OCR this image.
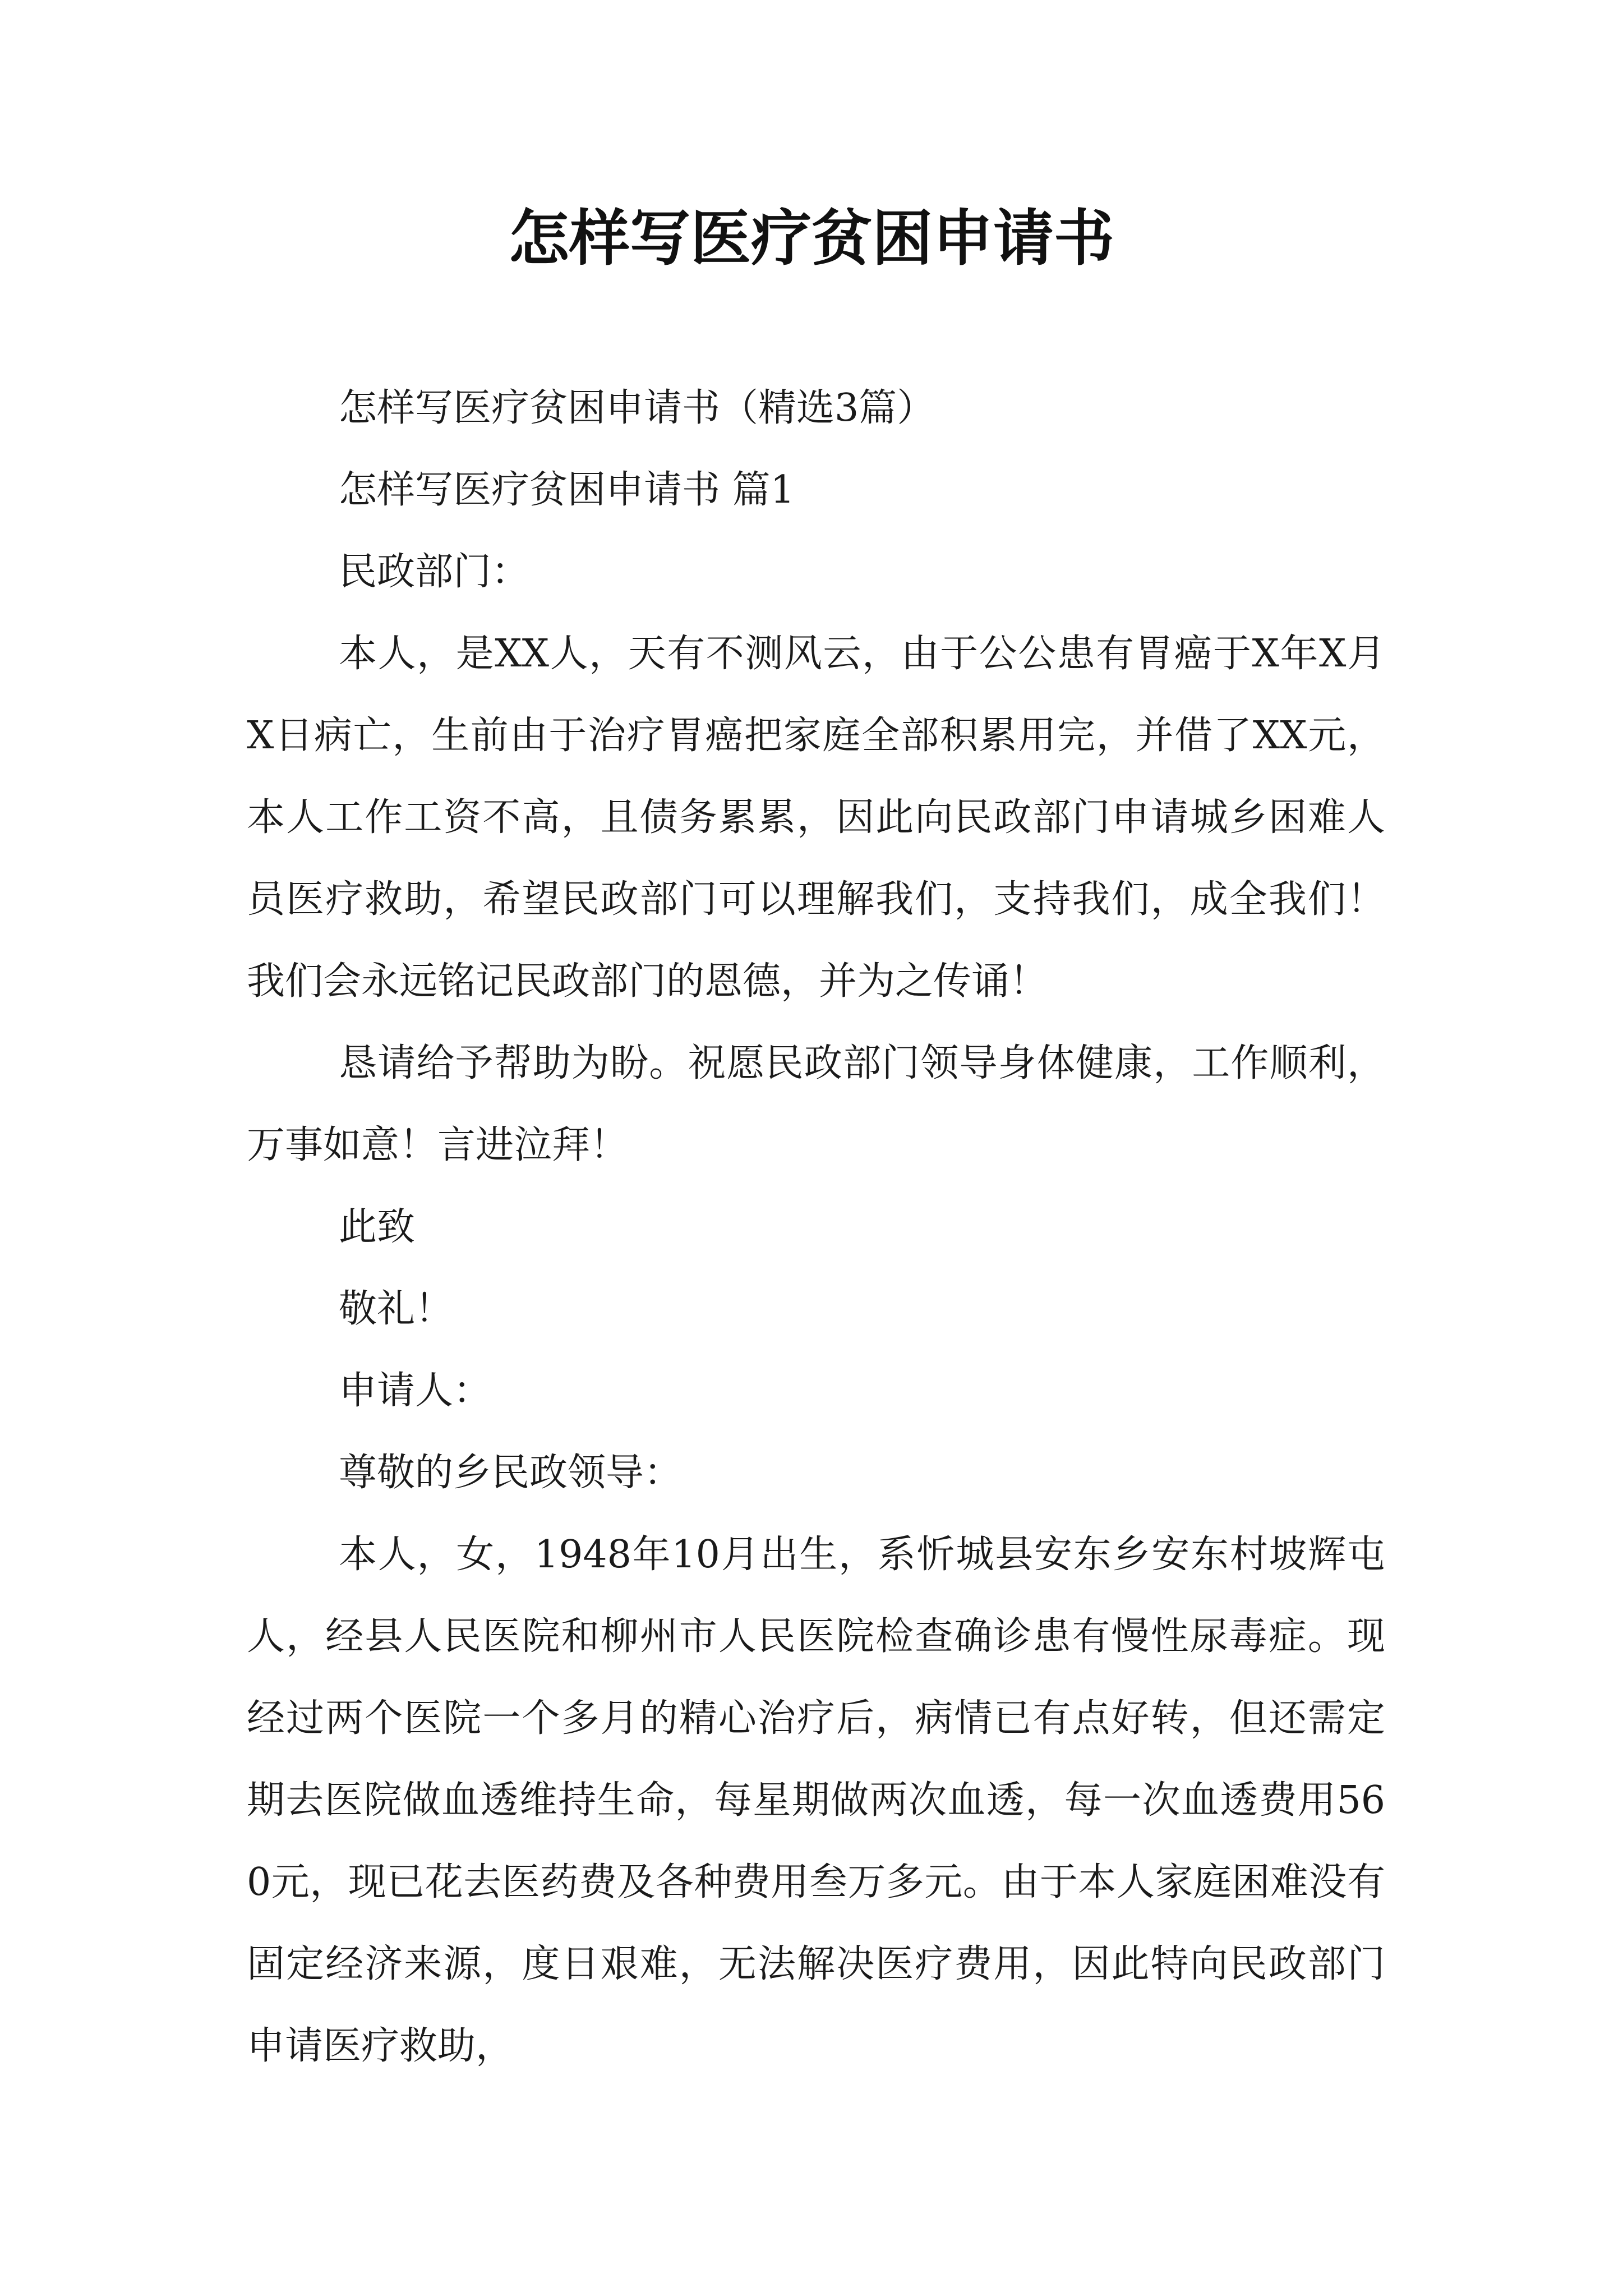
怎样写医疗贫困申请书

怎样写医疗贫困申请书（精选3篇）

怎样写医疗贫困申请书 篇1

民政部门：

本人，是XX人，天有不测风云，由于公公患有胃癌于X年X月X日病亡，生前由于治疗胃癌把家庭全部积累用完，并借了XX元，本人工作工资不高，且债务累累，因此向民政部门申请城乡困难人员医疗救助，希望民政部门可以理解我们，支持我们，成全我们！我们会永远铭记民政部门的恩德，并为之传诵！

恳请给予帮助为盼。祝愿民政部门领导身体健康，工作顺利，万事如意！言进泣拜！

此致

敬礼！

申请人：

尊敬的乡民政领导：

本人，女，1948年10月出生，系忻城县安东乡安东村坡辉屯人，经县人民医院和柳州市人民医院检查确诊患有慢性尿毒症。现经过两个医院一个多月的精心治疗后，病情已有点好转，但还需定期去医院做血透维持生命，每星期做两次血透，每一次血透费用560元，现已花去医药费及各种费用叁万多元。由于本人家庭困难没有固定经济来源，度日艰难，无法解决医疗费用，因此特向民政部门申请医疗救助，
